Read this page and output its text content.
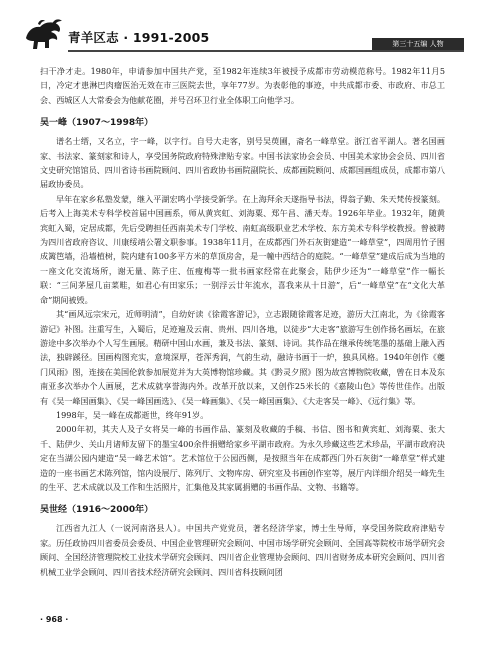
青羊区志 · 1991-2005	第三十五编 人物

扫干净才走。1980年，申请参加中国共产党，至1982年连续3年被授予成都市劳动模范称号。1982年11月5日，冷定才患淋巴肉瘤医治无效在市三医院去世，享年77岁。为表彰他的事迹，中共成都市委、市政府、市总工会、西城区人大常委会为他献花圈，并号召环卫行业全体职工向他学习。

吴一峰（1907～1998年）

谱名士缙，又名立，字一峰，以字行。自号大走客，别号吴萸圃，斋名一峰草堂。浙江省平湖人。著名国画家、书法家、篆刻家和诗人，享受国务院政府特殊津贴专家。中国书法家协会会员、中国美术家协会会员、四川省文史研究馆馆员、四川省诗书画院顾问、四川省政协书画院副院长、成都画院顾问、成都国画组成员，成都市第八届政协委员。

早年在家乡私塾发蒙，继入平湖宏鸣小学接受新学。在上海拜余天遂指导书法，得翁子勤、朱天梵传授篆刻。后考入上海美术专科学校首届中国画系，师从黄宾虹、刘海粟、郑午昌、潘天寿。1926年毕业。1932年，随黄宾虹入蜀，定居成都，先后受聘担任西南美术专门学校、南虹高级职业艺术学校、东方美术专科学校教授。曾被聘为四川省政府咨议、川康绥靖公署文职参事。1938年11月，在成都西门外石灰街建造“一峰草堂”，四周用竹子围成篱笆墙，沿墙植树，院内建有100多平方米的草顶房舍，是一幢中西结合的庭院。“一峰草堂”建成后成为当地的一座文化交流场所，谢无量、陈子庄、伍瘦梅等一批书画家经常在此聚会，陆伊少还为“一峰草堂”作一幅长联：“三间茅屋几亩菜畦，如君心有田家乐；一别浮云廿年流水，喜我来从十日游”，后“一峰草堂”在“文化大革命”期间被毁。

其“画风远宗宋元，近师明清”，自幼好读《徐霞客游记》，立志跟随徐霞客足迹，游历大江南北，为《徐霞客游记》补图。注重写生，入蜀后，足迹遍及云南、贵州、四川各地，以徒步“大走客”旅游写生创作扬名画坛，在旅游途中多次举办个人写生画展。精研中国山水画，兼及书法、篆刻、诗词。其作品在继承传统笔墨的基础上融入西法，独辟蹊径。国画构图充实，意境深厚，苍浑秀润，气韵生动，融诗书画于一炉，独具风格。1940年创作《夔门风雨》图，连接在美国伦敦参加展览并为大英博物馆珍藏。其《黔灵夕照》图为故宫博物院收藏，曾在日本及东南亚多次举办个人画展，艺术成就享誉海内外。改革开放以来，又创作25米长的《嘉陵山色》等传世佳作。出版有《吴一峰国画集》、《吴一峰国画选》、《吴一峰画集》、《吴一峰国画集》、《大走客吴一峰》、《远行集》等。

1998年，吴一峰在成都逝世，终年91岁。

2000年初，其夫人及子女将吴一峰的书画作品、篆刻及收藏的手稿、书信、图书和黄宾虹、刘海粟、张大千、陆伊少、关山月诸师友留下的墨宝400余件捐赠给家乡平湖市政府。为永久珍藏这些艺术珍品，平湖市政府决定在当湖公园内建造“吴一峰艺术馆”。艺术馆位于公园西侧，是按照当年在成都西门外石灰街“一峰草堂”样式建造的一座书画艺术陈列馆，馆内设展厅、陈列厅、文物库房、研究室及书画创作室等，展厅内详细介绍吴一峰先生的生平、艺术成就以及工作和生活照片，汇集他及其家属捐赠的书画作品、文物、书籍等。

吴世经（1916～2000年）

江西省九江人（一说河南洛县人）。中国共产党党员，著名经济学家，博士生导师，享受国务院政府津贴专家。历任政协四川省委员会委员、中国企业管理研究会顾问、中国市场学研究会顾问、全国高等院校市场学研究会顾问、全国经济管理院校工业技术学研究会顾问、四川省企业管理协会顾问、四川省财务成本研究会顾问、四川省机械工业学会顾问、四川省技术经济研究会顾问、四川省科技顾问团

· 968 ·
